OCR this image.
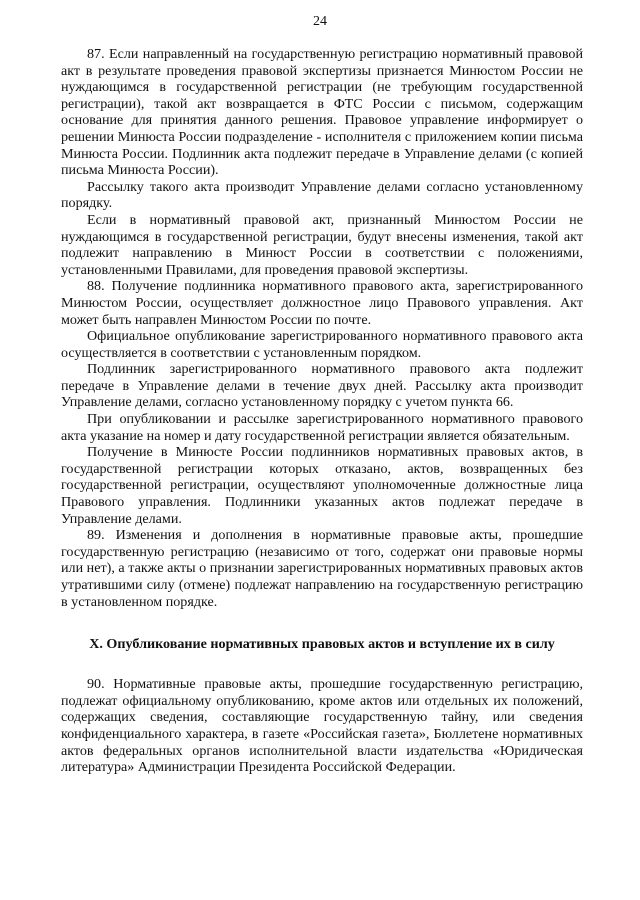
24

87. Если направленный на государственную регистрацию нормативный правовой акт в результате проведения правовой экспертизы признается Минюстом России не нуждающимся в государственной регистрации (не требующим государственной регистрации), такой акт возвращается в ФТС России с письмом, содержащим основание для принятия данного решения. Правовое управление информирует о решении Минюста России подразделение - исполнителя с приложением копии письма Минюста России. Подлинник акта подлежит передаче в Управление делами (с копией письма Минюста России).

Рассылку такого акта производит Управление делами согласно установленному порядку.

Если в нормативный правовой акт, признанный Минюстом России не нуждающимся в государственной регистрации, будут внесены изменения, такой акт подлежит направлению в Минюст России в соответствии с положениями, установленными Правилами, для проведения правовой экспертизы.

88. Получение подлинника нормативного правового акта, зарегистрированного Минюстом России, осуществляет должностное лицо Правового управления. Акт может быть направлен Минюстом России по почте.

Официальное опубликование зарегистрированного нормативного правового акта осуществляется в соответствии с установленным порядком.

Подлинник зарегистрированного нормативного правового акта подлежит передаче в Управление делами в течение двух дней. Рассылку акта производит Управление делами, согласно установленному порядку с учетом пункта 66.

При опубликовании и рассылке зарегистрированного нормативного правового акта указание на номер и дату государственной регистрации является обязательным.

Получение в Минюсте России подлинников нормативных правовых актов, в государственной регистрации которых отказано, актов, возвращенных без государственной регистрации, осуществляют уполномоченные должностные лица Правового управления. Подлинники указанных актов подлежат передаче в Управление делами.

89. Изменения и дополнения в нормативные правовые акты, прошедшие государственную регистрацию (независимо от того, содержат они правовые нормы или нет), а также акты о признании зарегистрированных нормативных правовых актов утратившими силу (отмене) подлежат направлению на государственную регистрацию в установленном порядке.

X. Опубликование нормативных правовых актов и вступление их в силу

90. Нормативные правовые акты, прошедшие государственную регистрацию, подлежат официальному опубликованию, кроме актов или отдельных их положений, содержащих сведения, составляющие государственную тайну, или сведения конфиденциального характера, в газете «Российская газета», Бюллетене нормативных актов федеральных органов исполнительной власти издательства «Юридическая литература» Администрации Президента Российской Федерации.
